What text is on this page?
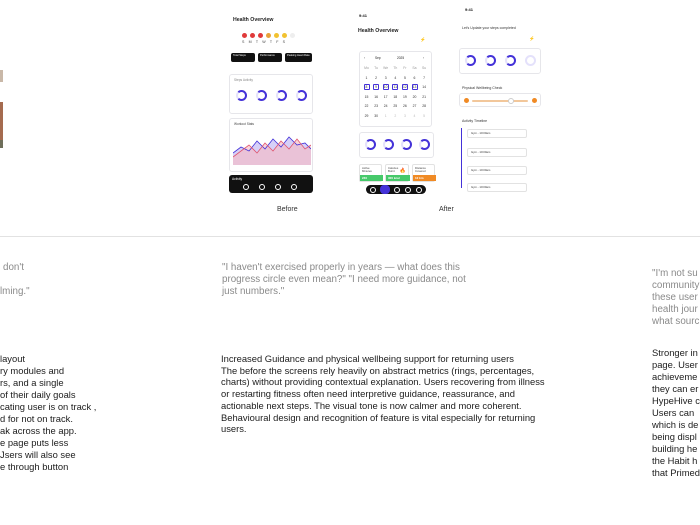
Health Overview
SMTWTFS
Total Steps	Performance	Peaking Heart Rate
Steps Activity
Workout Stats
Activity
9:41
Health Overview
⚡
‹	Sep	2025	›
Mo	Tu	We	Th	Fr	Sa	Su
1	2	3	4	5	6	7
8	9	10	11	12	13	14
15	16	17	18	19	20	21
22	23	24	25	26	27	28
29	30	1	2	3	4	5
Active Minutes
240
Calories Burnt	🔥
300 kcal
Distance Covered
12 km
9:41
Let's Update your steps completed
⚡
Physical Wellbeing Check
Activity Timeline
Gym - 10:00am
Gym - 10:00am
Gym - 10:00am
Gym - 10:00am
Before	After
don't
lming."
layout
ry modules and
rs, and a single
of their daily goals
cating user is on track ,
d for not on track.
ak across the app.
e page puts less
Jsers will also see
e through button
"I haven't exercised properly in years — what does this progress circle even mean?" "I need more guidance, not just numbers."
Increased Guidance and physical wellbeing support for returning users
The before the screens rely heavily on abstract metrics (rings, percentages, charts) without providing contextual explanation. Users recovering from illness or restarting fitness often need interpretive guidance, reassurance, and actionable next steps. The visual tone is now calmer and more coherent. Behavioural design and recognition of feature is vital especially for returning users.
"I'm not su
community
these user
health jour
what sourc
Stronger in
page. User
achieveme
they can er
HypeHive c
Users can
which is de
being displ
building he
the Habit h
that Primed
